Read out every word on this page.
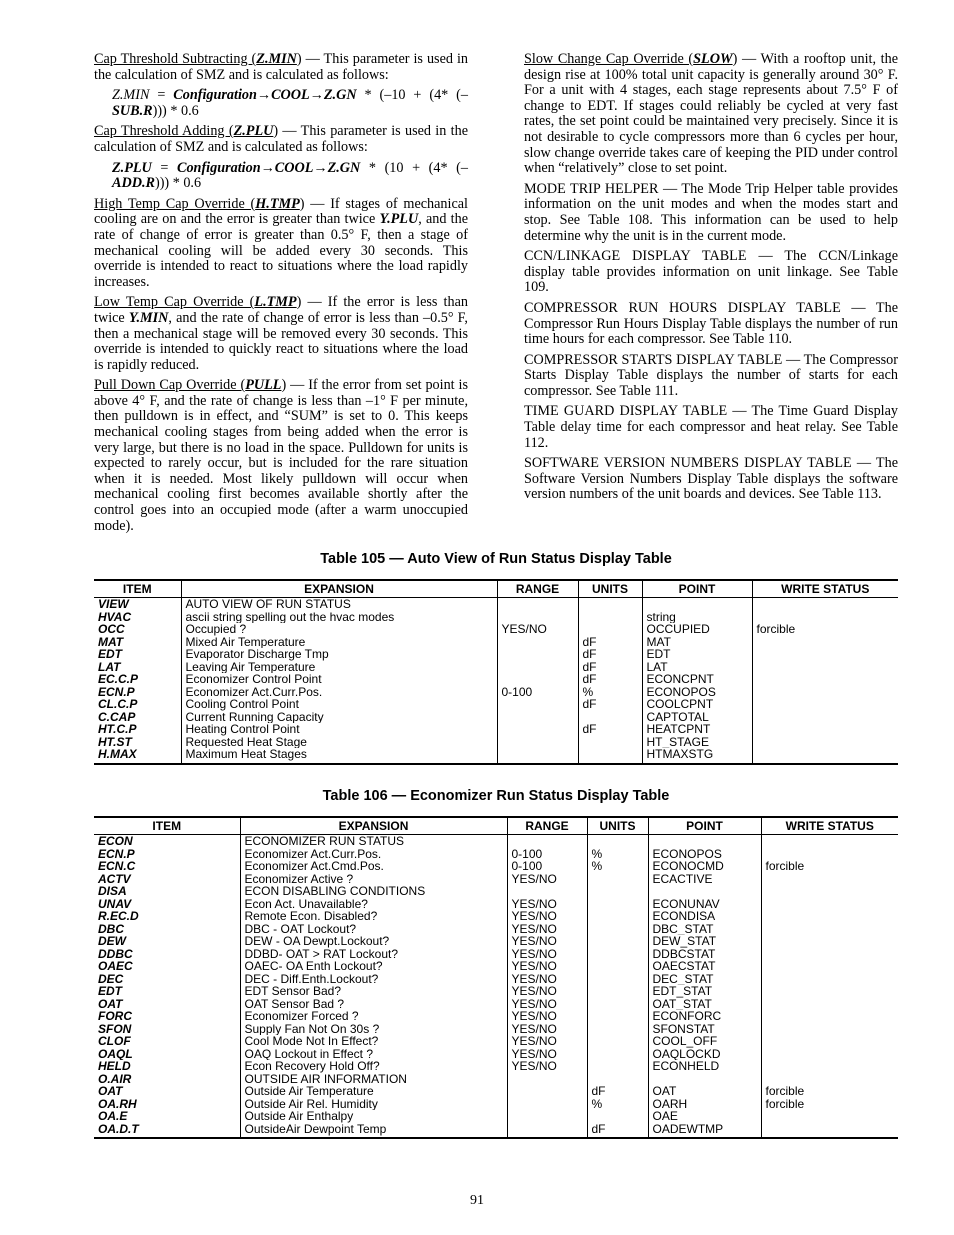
Cap Threshold Subtracting (Z.MIN) — This parameter is used in the calculation of SMZ and is calculated as follows:

Z.MIN = Configuration→COOL→Z.GN * (–10 + (4* (–SUB.R))) * 0.6

Cap Threshold Adding (Z.PLU) — This parameter is used in the calculation of SMZ and is calculated as follows:

Z.PLU = Configuration→COOL→Z.GN * (10 + (4* (–ADD.R))) * 0.6

High Temp Cap Override (H.TMP) — If stages of mechanical cooling are on and the error is greater than twice Y.PLU, and the rate of change of error is greater than 0.5° F, then a stage of mechanical cooling will be added every 30 seconds. This override is intended to react to situations where the load rapidly increases.

Low Temp Cap Override (L.TMP) — If the error is less than twice Y.MIN, and the rate of change of error is less than –0.5° F, then a mechanical stage will be removed every 30 seconds. This override is intended to quickly react to situations where the load is rapidly reduced.

Pull Down Cap Override (PULL) — If the error from set point is above 4° F, and the rate of change is less than –1° F per minute, then pulldown is in effect, and “SUM” is set to 0. This keeps mechanical cooling stages from being added when the error is very large, but there is no load in the space. Pulldown for units is expected to rarely occur, but is included for the rare situation when it is needed. Most likely pulldown will occur when mechanical cooling first becomes available shortly after the control goes into an occupied mode (after a warm unoccupied mode).

Slow Change Cap Override (SLOW) — With a rooftop unit, the design rise at 100% total unit capacity is generally around 30° F. For a unit with 4 stages, each stage represents about 7.5° F of change to EDT. If stages could reliably be cycled at very fast rates, the set point could be maintained very precisely. Since it is not desirable to cycle compressors more than 6 cycles per hour, slow change override takes care of keeping the PID under control when “relatively” close to set point.

MODE TRIP HELPER — The Mode Trip Helper table provides information on the unit modes and when the modes start and stop. See Table 108. This information can be used to help determine why the unit is in the current mode.

CCN/LINKAGE DISPLAY TABLE — The CCN/Linkage display table provides information on unit linkage. See Table 109.

COMPRESSOR RUN HOURS DISPLAY TABLE — The Compressor Run Hours Display Table displays the number of run time hours for each compressor. See Table 110.

COMPRESSOR STARTS DISPLAY TABLE — The Compressor Starts Display Table displays the number of starts for each compressor. See Table 111.

TIME GUARD DISPLAY TABLE — The Time Guard Display Table delay time for each compressor and heat relay. See Table 112.

SOFTWARE VERSION NUMBERS DISPLAY TABLE — The Software Version Numbers Display Table displays the software version numbers of the unit boards and devices. See Table 113.

Table 105 — Auto View of Run Status Display Table
ITEM	EXPANSION	RANGE	UNITS	POINT	WRITE STATUS
VIEW	AUTO VIEW OF RUN STATUS				
HVAC	ascii string spelling out the hvac modes			string	
OCC	Occupied ?	YES/NO		OCCUPIED	forcible
MAT	Mixed Air Temperature		dF	MAT	
EDT	Evaporator Discharge Tmp		dF	EDT	
LAT	Leaving Air Temperature		dF	LAT	
EC.C.P	Economizer Control Point		dF	ECONCPNT	
ECN.P	Economizer Act.Curr.Pos.	0-100	%	ECONOPOS	
CL.C.P	Cooling Control Point		dF	COOLCPNT	
C.CAP	Current Running Capacity			CAPTOTAL	
HT.C.P	Heating Control Point		dF	HEATCPNT	
HT.ST	Requested Heat Stage			HT_STAGE	
H.MAX	Maximum Heat Stages			HTMAXSTG	
Table 106 — Economizer Run Status Display Table
ITEM	EXPANSION	RANGE	UNITS	POINT	WRITE STATUS
ECON	ECONOMIZER RUN STATUS				
ECN.P	Economizer Act.Curr.Pos.	0-100	%	ECONOPOS	
ECN.C	Economizer Act.Cmd.Pos.	0-100	%	ECONOCMD	forcible
ACTV	Economizer Active ?	YES/NO		ECACTIVE	
DISA	ECON DISABLING CONDITIONS				
UNAV	Econ Act. Unavailable?	YES/NO		ECONUNAV	
R.EC.D	Remote Econ. Disabled?	YES/NO		ECONDISA	
DBC	DBC - OAT Lockout?	YES/NO		DBC_STAT	
DEW	DEW - OA Dewpt.Lockout?	YES/NO		DEW_STAT	
DDBC	DDBD- OAT > RAT Lockout?	YES/NO		DDBCSTAT	
OAEC	OAEC- OA Enth Lockout?	YES/NO		OAECSTAT	
DEC	DEC - Diff.Enth.Lockout?	YES/NO		DEC_STAT	
EDT	EDT Sensor Bad?	YES/NO		EDT_STAT	
OAT	OAT Sensor Bad ?	YES/NO		OAT_STAT	
FORC	Economizer Forced ?	YES/NO		ECONFORC	
SFON	Supply Fan Not On 30s ?	YES/NO		SFONSTAT	
CLOF	Cool Mode Not In Effect?	YES/NO		COOL_OFF	
OAQL	OAQ Lockout in Effect ?	YES/NO		OAQLOCKD	
HELD	Econ Recovery Hold Off?	YES/NO		ECONHELD	
O.AIR	OUTSIDE AIR INFORMATION				
OAT	Outside Air Temperature		dF	OAT	forcible
OA.RH	Outside Air Rel. Humidity		%	OARH	forcible
OA.E	Outside Air Enthalpy			OAE	
OA.D.T	OutsideAir Dewpoint Temp		dF	OADEWTMP	
91
